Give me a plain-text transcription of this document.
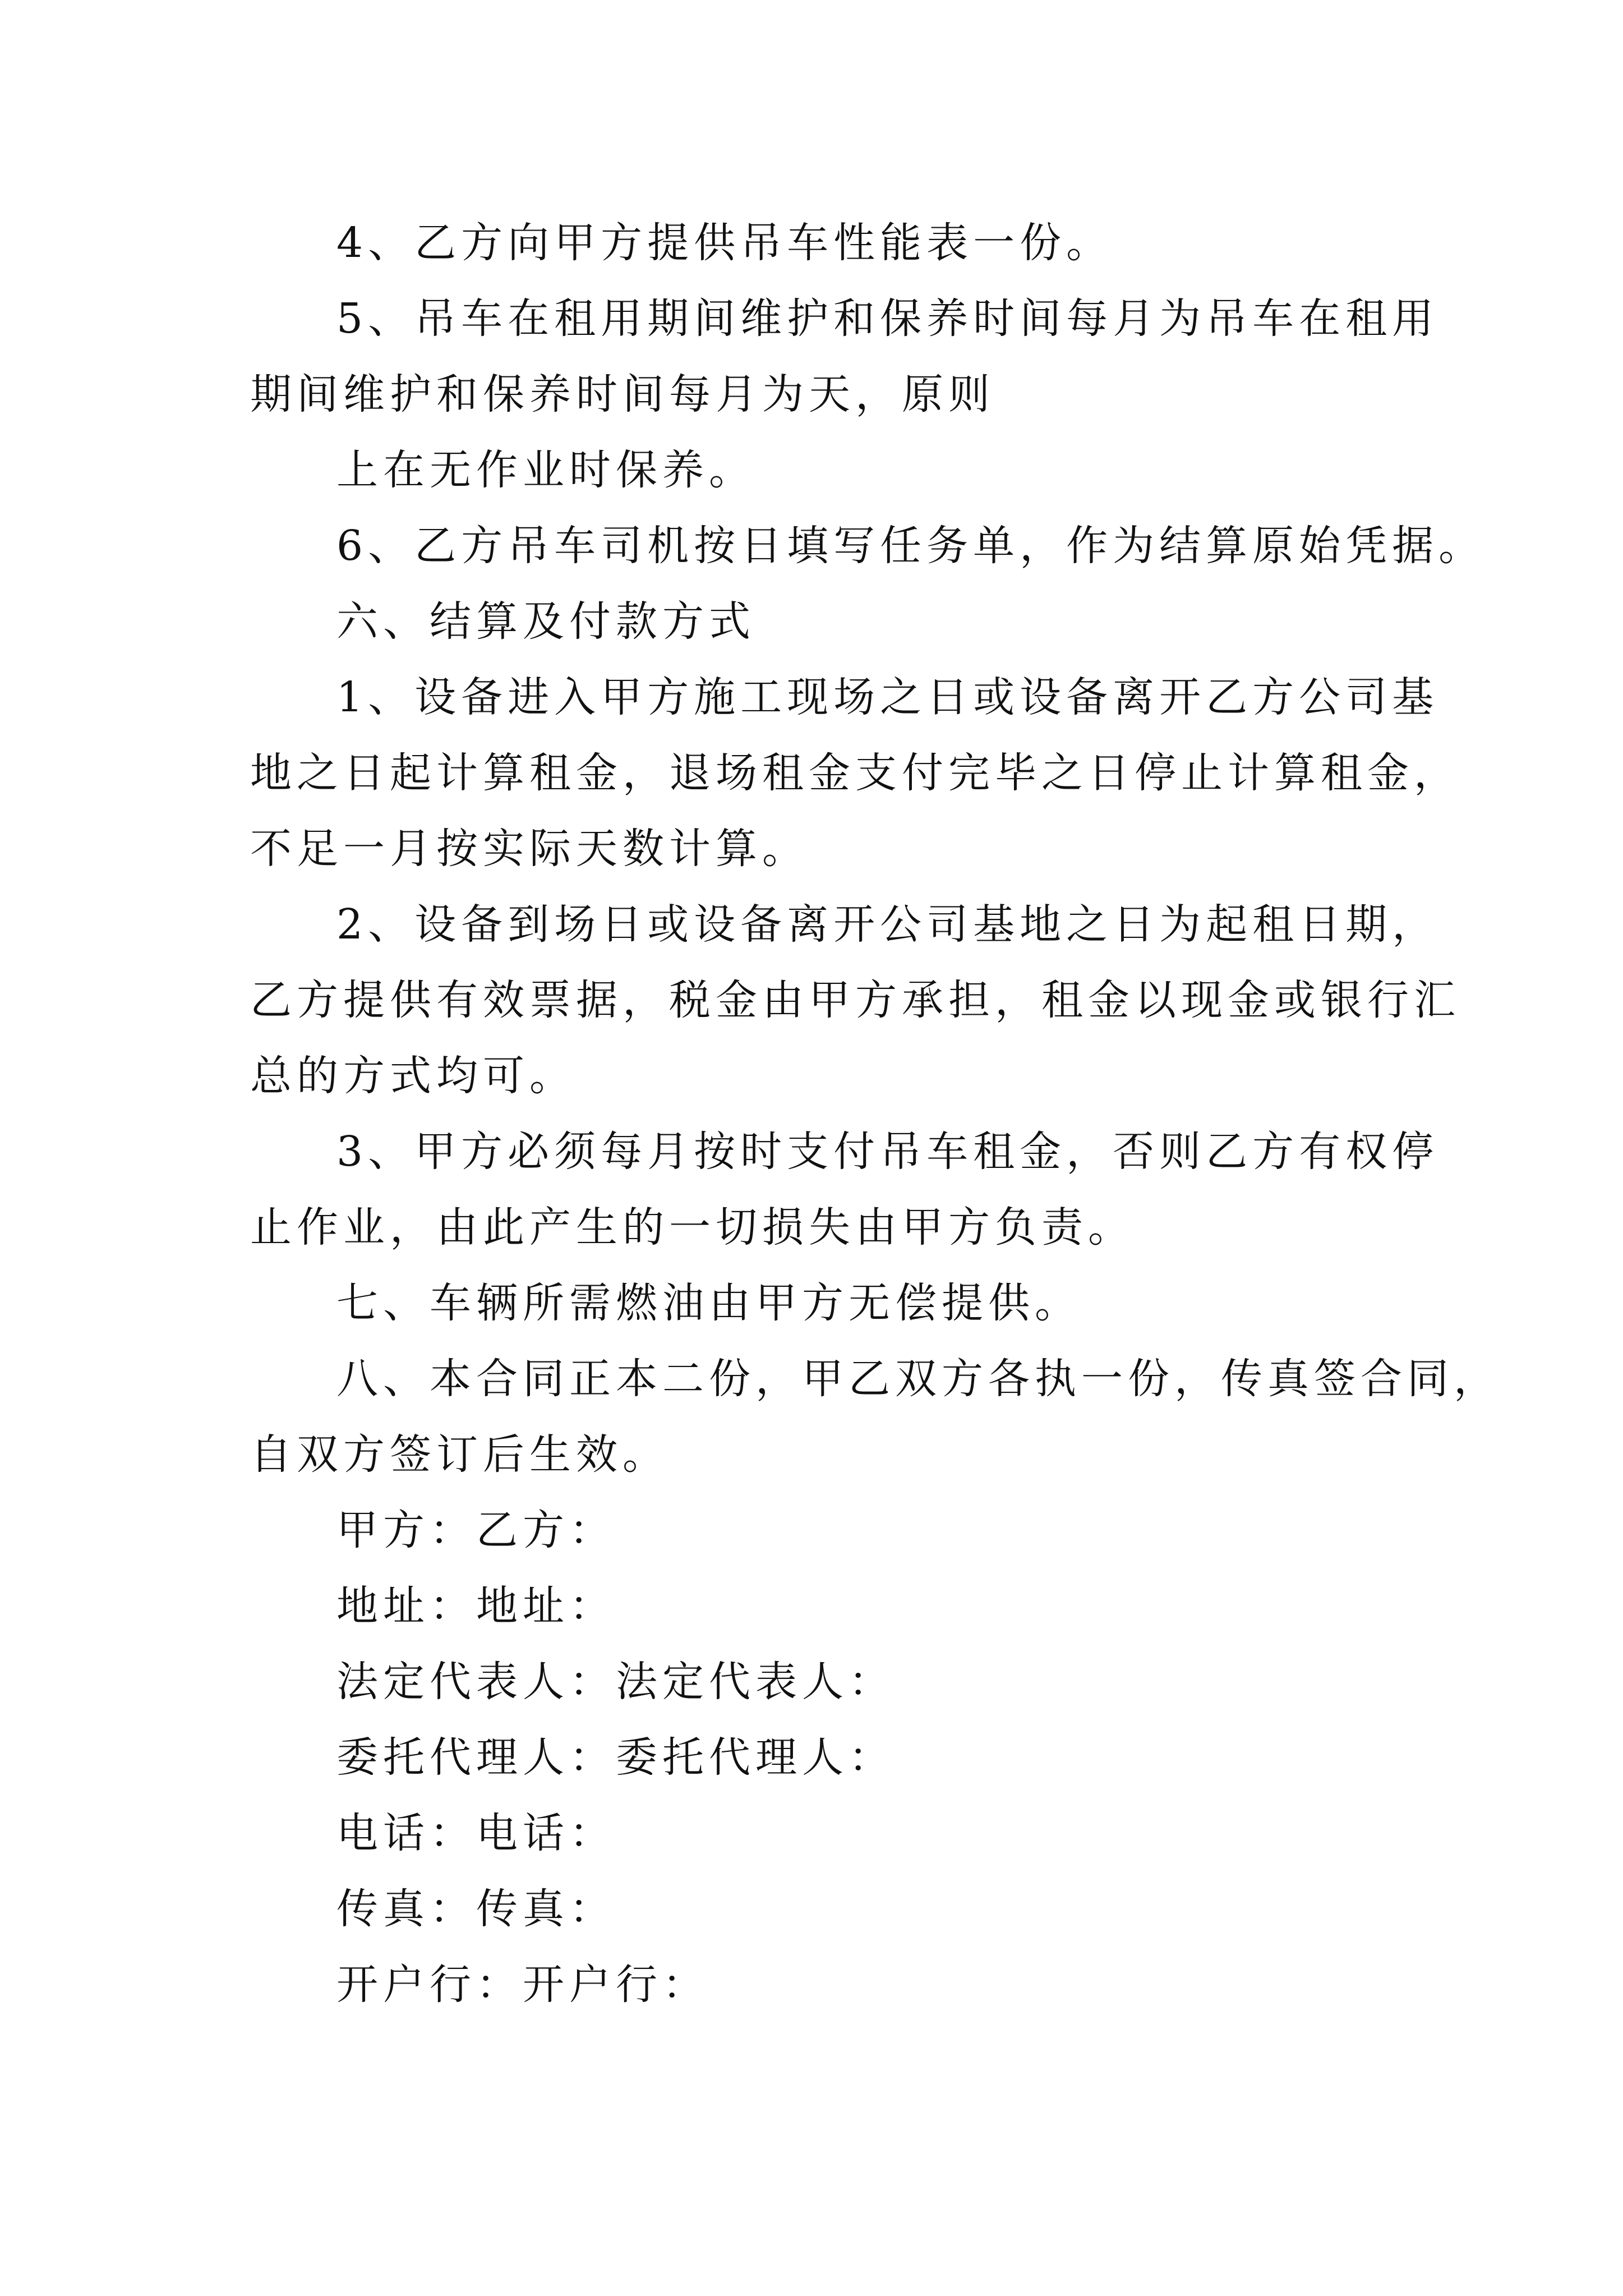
4、乙方向甲方提供吊车性能表一份。
5、吊车在租用期间维护和保养时间每月为吊车在租用
期间维护和保养时间每月为天，原则
上在无作业时保养。
6、乙方吊车司机按日填写任务单，作为结算原始凭据。
六、结算及付款方式
1、设备进入甲方施工现场之日或设备离开乙方公司基
地之日起计算租金，退场租金支付完毕之日停止计算租金，
不足一月按实际天数计算。
2、设备到场日或设备离开公司基地之日为起租日期，
乙方提供有效票据，税金由甲方承担，租金以现金或银行汇
总的方式均可。
3、甲方必须每月按时支付吊车租金，否则乙方有权停
止作业，由此产生的一切损失由甲方负责。
七、车辆所需燃油由甲方无偿提供。
八、本合同正本二份，甲乙双方各执一份，传真签合同，
自双方签订后生效。
甲方：乙方：
地址：地址：
法定代表人：法定代表人：
委托代理人：委托代理人：
电话：电话：
传真：传真：
开户行：开户行：
